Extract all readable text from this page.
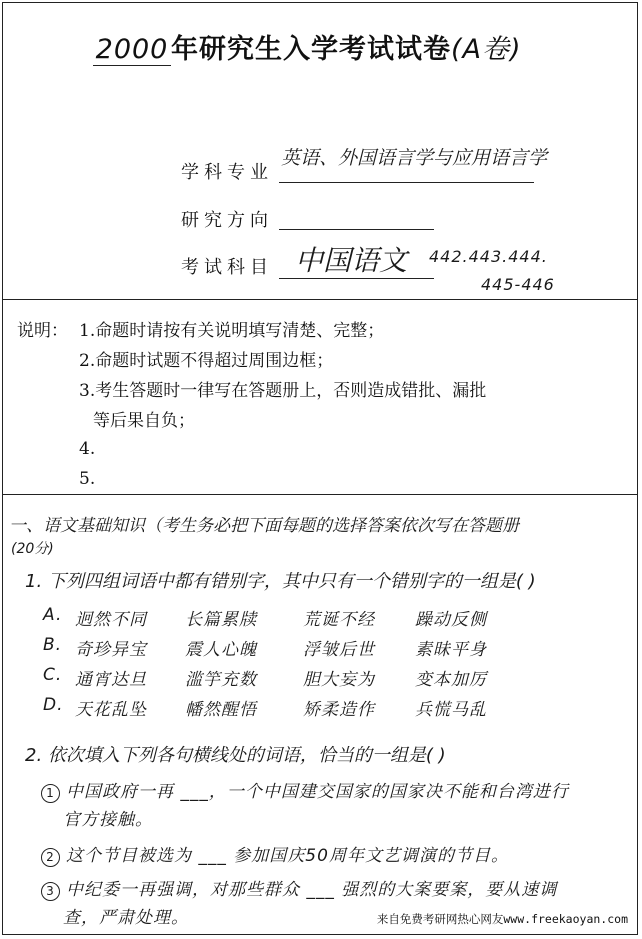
2000年研究生入学考试试卷(A卷)
学科专业
英语、外国语言学与应用语言学
研究方向
考试科目 中国语文 442.443.444.
445-446
说明： 1.命题时请按有关说明填写清楚、完整；
2.命题时试题不得超过周围边框；
3.考生答题时一律写在答题册上，否则造成错批、漏批
等后果自负；
4.
5.
一、语文基础知识（考生务必把下面每题的选择答案依次写在答题册
(20分)
1. 下列四组词语中都有错别字，其中只有一个错别字的一组是( )
A. 迥然不同 长篇累牍	荒诞不经 躁动反侧
B. 奇珍异宝 震人心魄	浮皱后世 素昧平身
C. 通宵达旦 滥竽充数	胆大妄为 变本加厉
D. 天花乱坠 幡然醒悟	矫柔造作 兵慌马乱
2. 依次填入下列各句横线处的词语，恰当的一组是( )
1 中国政府一再 ___，一个中国建交国家的国家决不能和台湾进行
官方接触。
2 这个节目被选为 ___ 参加国庆50周年文艺调演的节目。
3 中纪委一再强调，对那些群众 ___ 强烈的大案要案，要从速调
查，严肃处理。	来自免费考研网热心网友www.freekaoyan.com
